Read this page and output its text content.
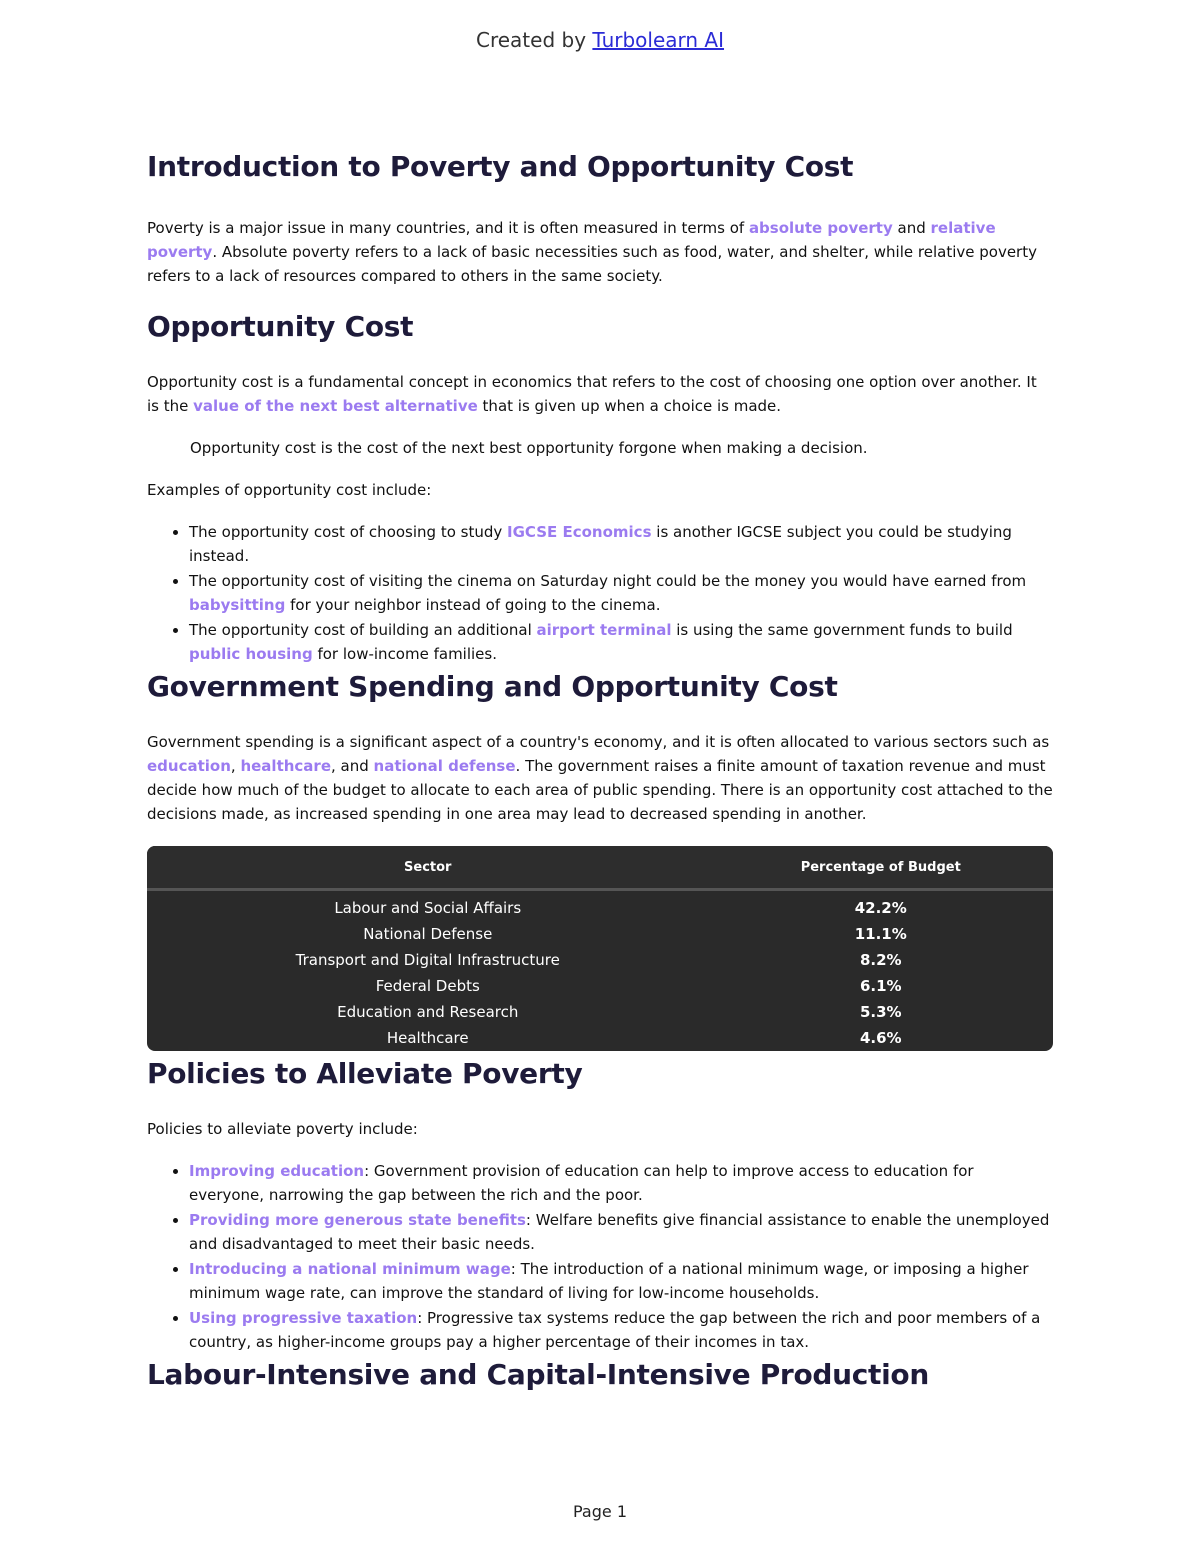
Created by Turbolearn AI
Introduction to Poverty and Opportunity Cost

Poverty is a major issue in many countries, and it is often measured in terms of absolute poverty and relative poverty. Absolute poverty refers to a lack of basic necessities such as food, water, and shelter, while relative poverty refers to a lack of resources compared to others in the same society.

Opportunity Cost

Opportunity cost is a fundamental concept in economics that refers to the cost of choosing one option over another. It is the value of the next best alternative that is given up when a choice is made.

Opportunity cost is the cost of the next best opportunity forgone when making a decision.

Examples of opportunity cost include:

• The opportunity cost of choosing to study IGCSE Economics is another IGCSE subject you could be studying instead.
• The opportunity cost of visiting the cinema on Saturday night could be the money you would have earned from babysitting for your neighbor instead of going to the cinema.
• The opportunity cost of building an additional airport terminal is using the same government funds to build public housing for low-income families.
Government Spending and Opportunity Cost

Government spending is a significant aspect of a country's economy, and it is often allocated to various sectors such as education, healthcare, and national defense. The government raises a finite amount of taxation revenue and must decide how much of the budget to allocate to each area of public spending. There is an opportunity cost attached to the decisions made, as increased spending in one area may lead to decreased spending in another.

Sector	Percentage of Budget
Labour and Social Affairs	42.2%
National Defense	11.1%
Transport and Digital Infrastructure	8.2%
Federal Debts	6.1%
Education and Research	5.3%
Healthcare	4.6%
Policies to Alleviate Poverty

Policies to alleviate poverty include:

• Improving education: Government provision of education can help to improve access to education for everyone, narrowing the gap between the rich and the poor.
• Providing more generous state benefits: Welfare benefits give financial assistance to enable the unemployed and disadvantaged to meet their basic needs.
• Introducing a national minimum wage: The introduction of a national minimum wage, or imposing a higher minimum wage rate, can improve the standard of living for low-income households.
• Using progressive taxation: Progressive tax systems reduce the gap between the rich and poor members of a country, as higher-income groups pay a higher percentage of their incomes in tax.
Labour-Intensive and Capital-Intensive Production
Page 1
